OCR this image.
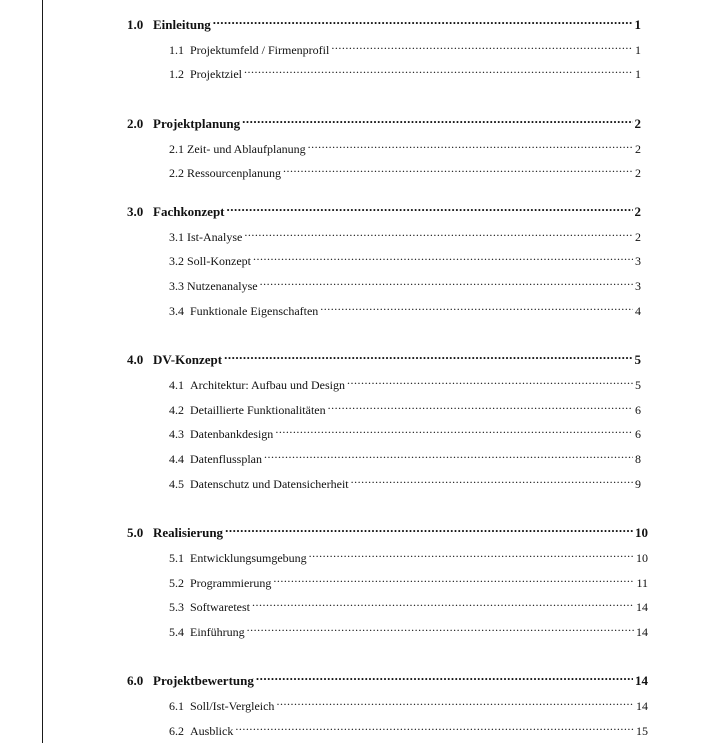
1.0 Einleitung .....	1
1.1 Projektumfeld / Firmenprofil .....	1
1.2 Projektziel .....	1
2.0 Projektplanung .....	2
2.1 Zeit- und Ablaufplanung .....	2
2.2 Ressourcenplanung .....	2
3.0 Fachkonzept .....	2
3.1 Ist-Analyse .....	2
3.2 Soll-Konzept .....	3
3.3 Nutzenanalyse .....	3
3.4 Funktionale Eigenschaften .....	4
4.0 DV-Konzept .....	5
4.1 Architektur: Aufbau und Design .....	5
4.2 Detaillierte Funktionalitäten .....	6
4.3 Datenbankdesign .....	6
4.4 Datenflussplan .....	8
4.5 Datenschutz und Datensicherheit .....	9
5.0 Realisierung .....	10
5.1 Entwicklungsumgebung .....	10
5.2 Programmierung .....	11
5.3 Softwaretest .....	14
5.4 Einführung .....	14
6.0 Projektbewertung .....	14
6.1 Soll/Ist-Vergleich .....	14
6.2 Ausblick .....	15
